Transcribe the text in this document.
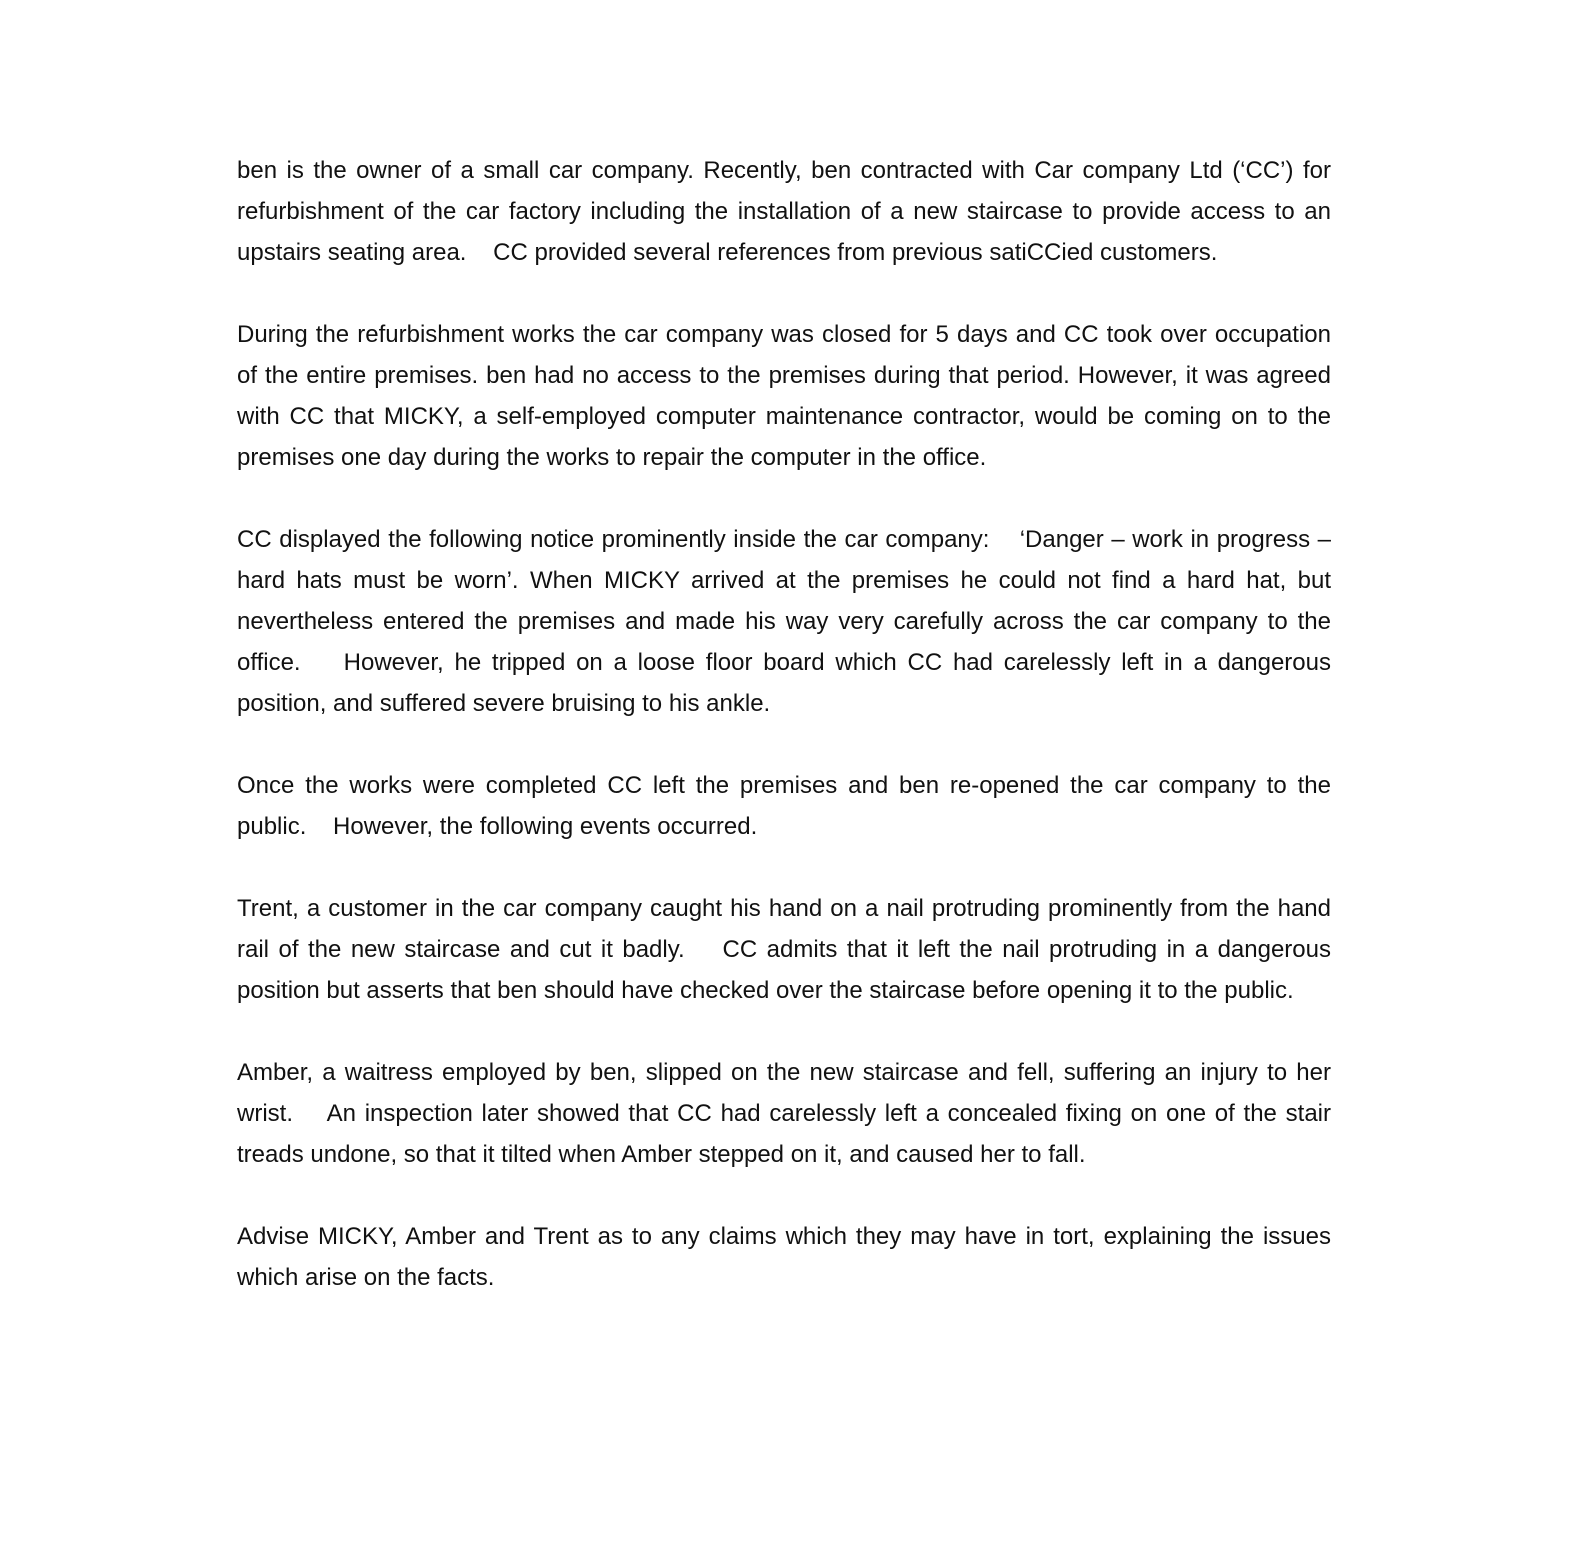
ben is the owner of a small car company. Recently, ben contracted with Car company Ltd (‘CC’) for refurbishment of the car factory including the installation of a new staircase to provide access to an upstairs seating area.    CC provided several references from previous satiCCied customers.

During the refurbishment works the car company was closed for 5 days and CC took over occupation of the entire premises. ben had no access to the premises during that period. However, it was agreed with CC that MICKY, a self-employed computer maintenance contractor, would be coming on to the premises one day during the works to repair the computer in the office.

CC displayed the following notice prominently inside the car company:    ‘Danger – work in progress – hard hats must be worn’. When MICKY arrived at the premises he could not find a hard hat, but nevertheless entered the premises and made his way very carefully across the car company to the office.    However, he tripped on a loose floor board which CC had carelessly left in a dangerous position, and suffered severe bruising to his ankle.

Once the works were completed CC left the premises and ben re-opened the car company to the public.    However, the following events occurred.

Trent, a customer in the car company caught his hand on a nail protruding prominently from the hand rail of the new staircase and cut it badly.    CC admits that it left the nail protruding in a dangerous position but asserts that ben should have checked over the staircase before opening it to the public.

Amber, a waitress employed by ben, slipped on the new staircase and fell, suffering an injury to her wrist.    An inspection later showed that CC had carelessly left a concealed fixing on one of the stair treads undone, so that it tilted when Amber stepped on it, and caused her to fall.

Advise MICKY, Amber and Trent as to any claims which they may have in tort, explaining the issues which arise on the facts.
